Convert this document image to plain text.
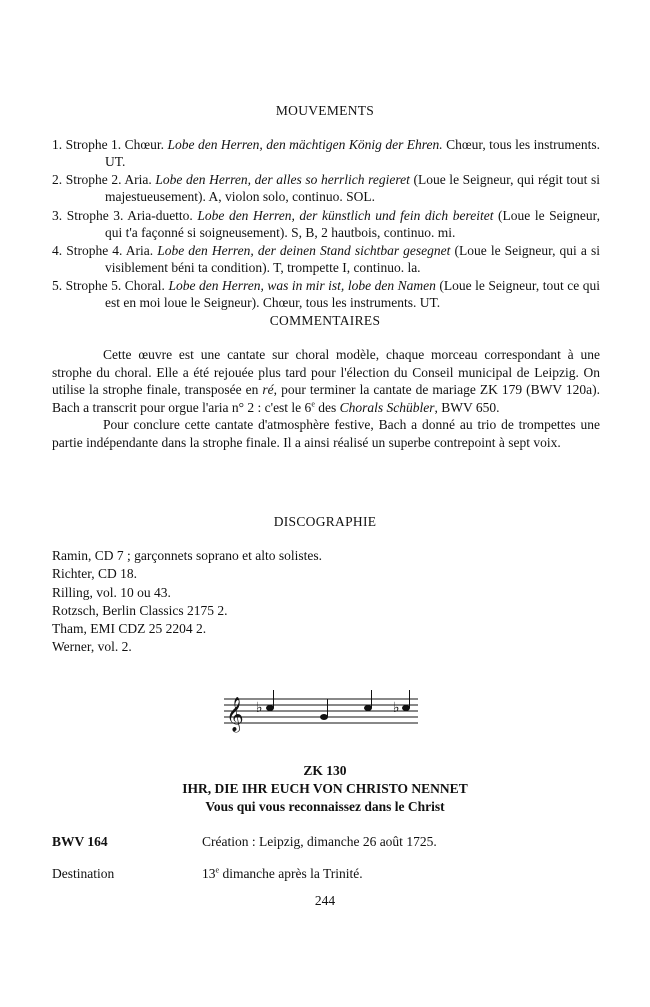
MOUVEMENTS
1. Strophe 1. Chœur. Lobe den Herren, den mächtigen König der Ehren. Chœur, tous les instruments. UT.
2. Strophe 2. Aria. Lobe den Herren, der alles so herrlich regieret (Loue le Seigneur, qui régit tout si majestueusement). A, violon solo, continuo. SOL.
3. Strophe 3. Aria-duetto. Lobe den Herren, der künstlich und fein dich bereitet (Loue le Seigneur, qui t'a façonné si soigneusement). S, B, 2 hautbois, continuo. mi.
4. Strophe 4. Aria. Lobe den Herren, der deinen Stand sichtbar gesegnet (Loue le Seigneur, qui a si visiblement béni ta condition). T, trompette I, continuo. la.
5. Strophe 5. Choral. Lobe den Herren, was in mir ist, lobe den Namen (Loue le Seigneur, tout ce qui est en moi loue le Seigneur). Chœur, tous les instruments. UT.
COMMENTAIRES

Cette œuvre est une cantate sur choral modèle, chaque morceau correspondant à une strophe du choral. Elle a été rejouée plus tard pour l'élection du Conseil municipal de Leipzig. On utilise la strophe finale, transposée en ré, pour terminer la cantate de mariage ZK 179 (BWV 120a). Bach a transcrit pour orgue l'aria n° 2 : c'est le 6e des Chorals Schübler, BWV 650.

Pour conclure cette cantate d'atmosphère festive, Bach a donné au trio de trompettes une partie indépendante dans la strophe finale. Il a ainsi réalisé un superbe contrepoint à sept voix.

DISCOGRAPHIE
Ramin, CD 7 ; garçonnets soprano et alto solistes.
Richter, CD 18.
Rilling, vol. 10 ou 43.
Rotzsch, Berlin Classics 2175 2.
Tham, EMI CDZ 25 2204 2.
Werner, vol. 2.
𝄞 ♭	♭
ZK 130
IHR, DIE IHR EUCH VON CHRISTO NENNET
Vous qui vous reconnaissez dans le Christ
BWV 164	Création : Leipzig, dimanche 26 août 1725.
Destination	13e dimanche après la Trinité.
244
